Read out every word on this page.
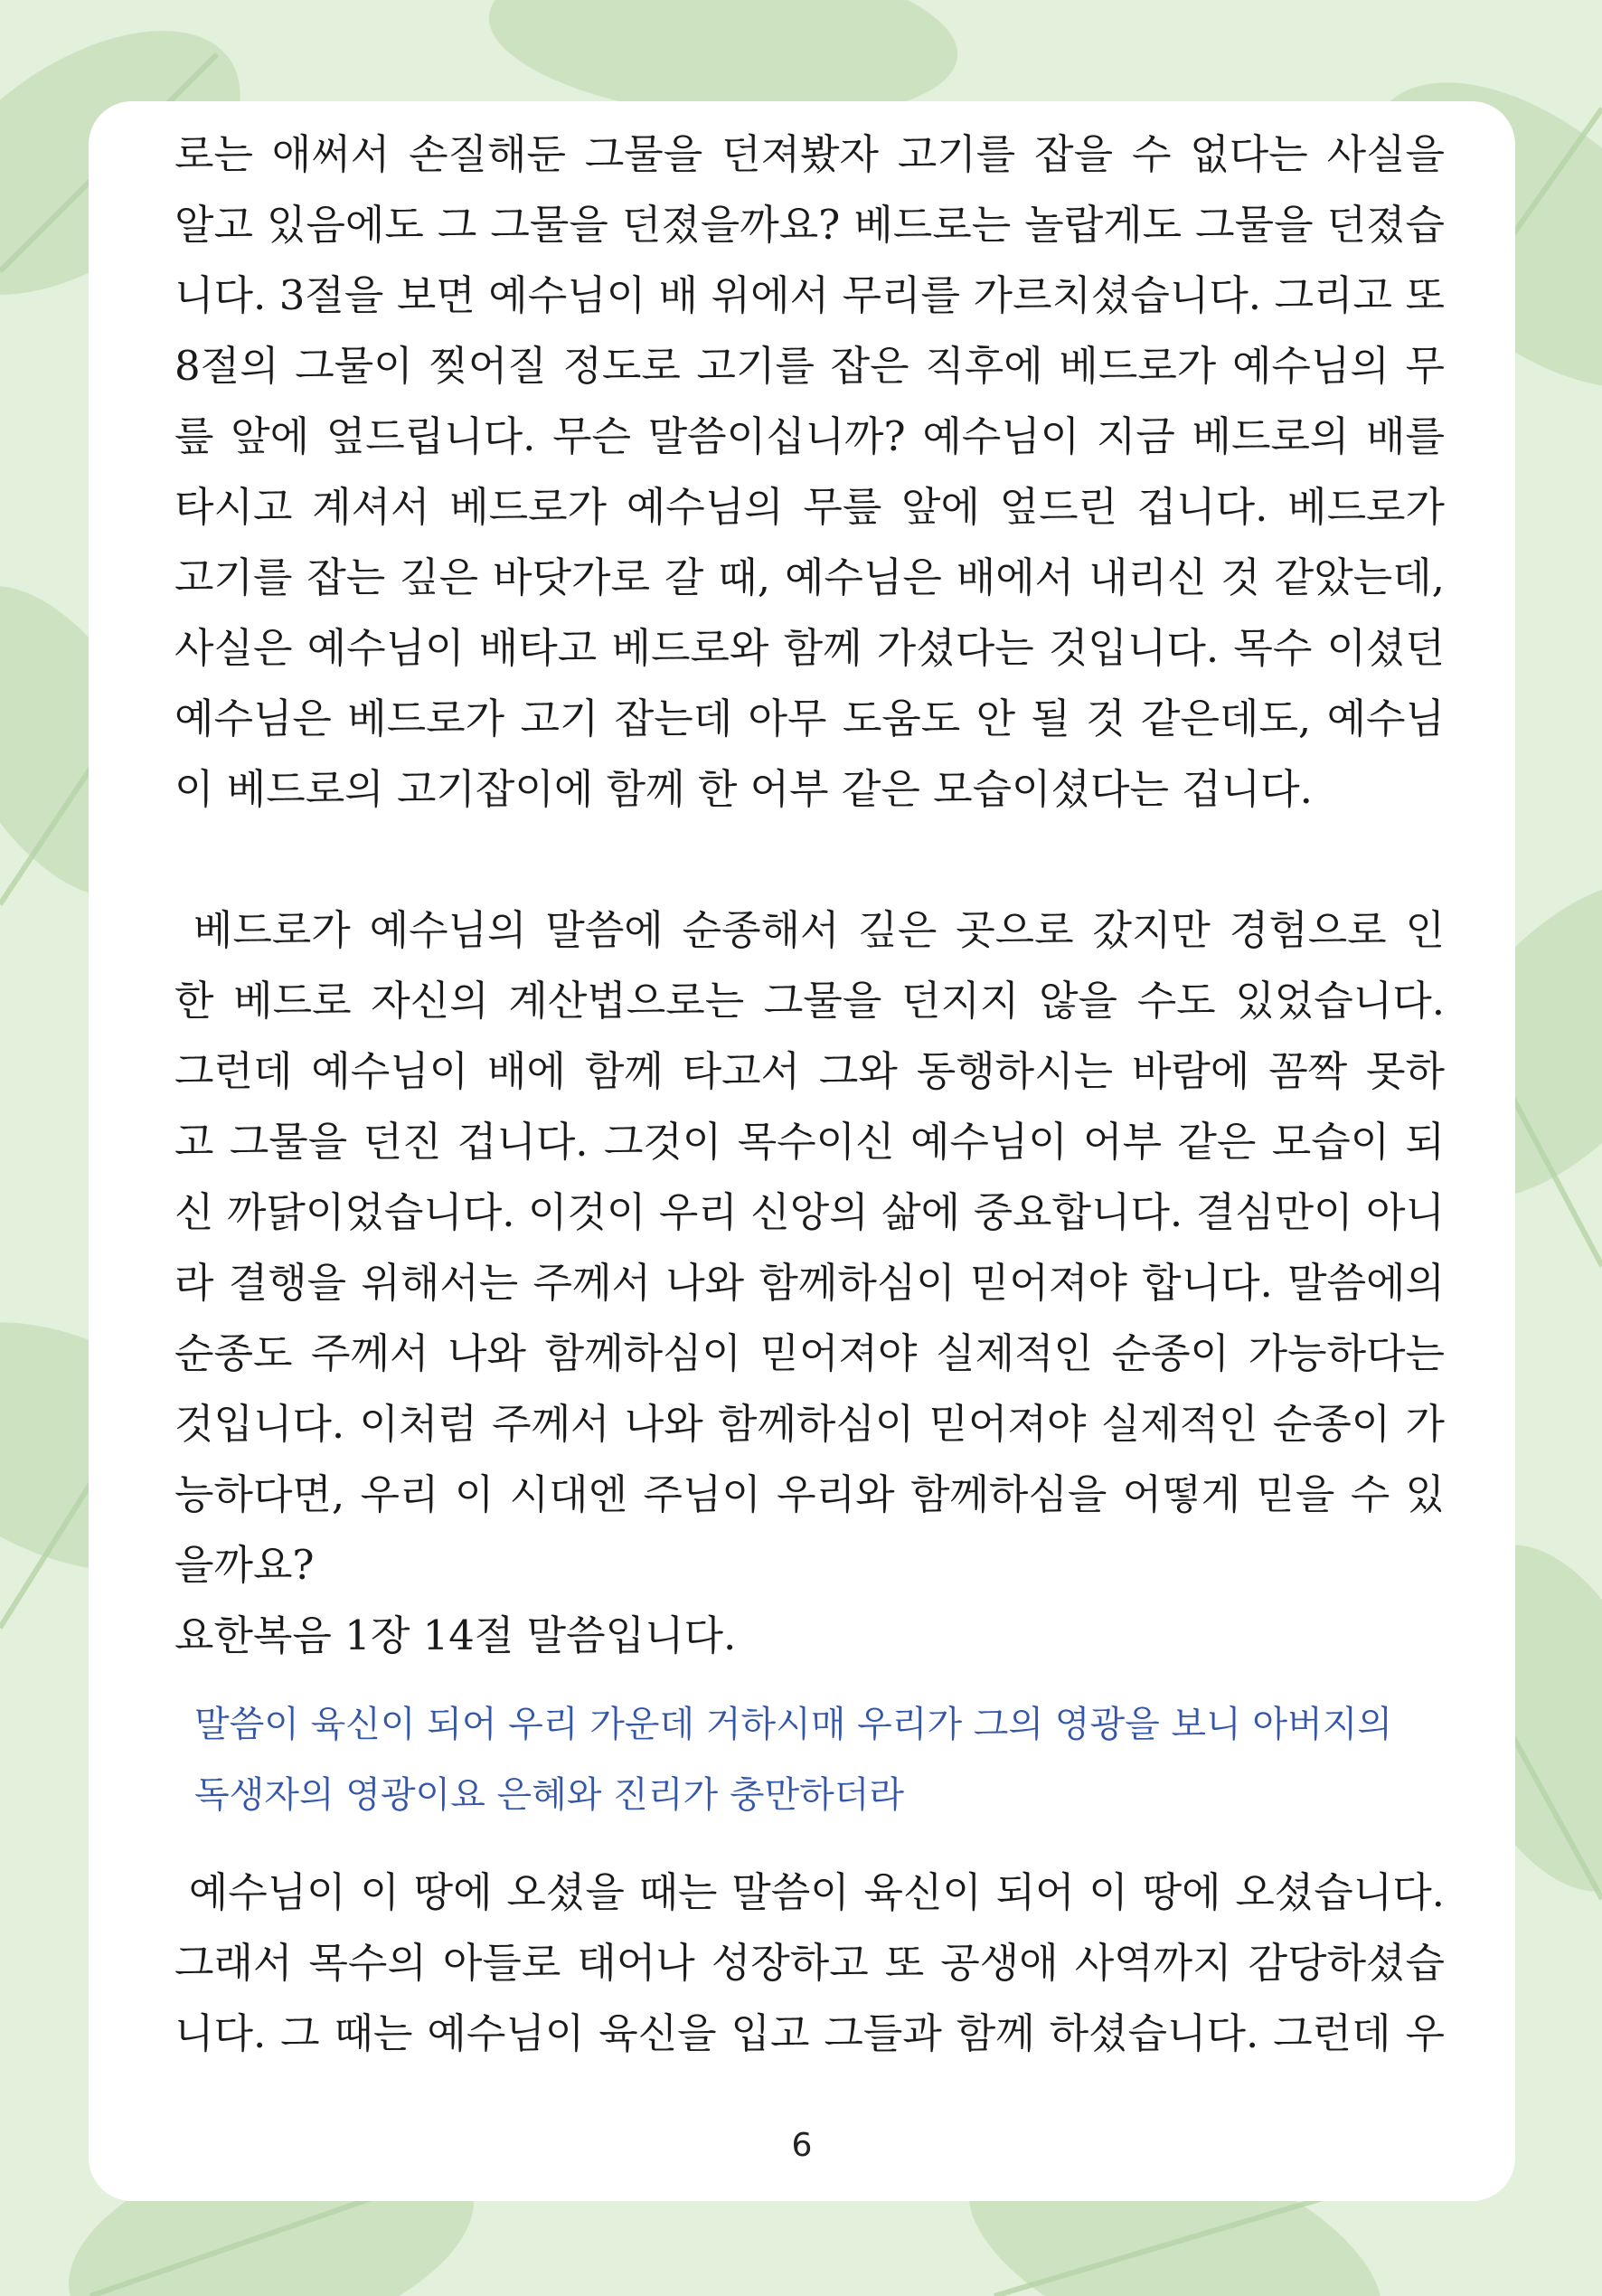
로는 애써서 손질해둔 그물을 던져봤자 고기를 잡을 수 없다는 사실을
알고 있음에도 그 그물을 던졌을까요? 베드로는 놀랍게도 그물을 던졌습
니다. 3절을 보면 예수님이 배 위에서 무리를 가르치셨습니다. 그리고 또
8절의 그물이 찢어질 정도로 고기를 잡은 직후에 베드로가 예수님의 무
릎 앞에 엎드립니다. 무슨 말씀이십니까? 예수님이 지금 베드로의 배를
타시고 계셔서 베드로가 예수님의 무릎 앞에 엎드린 겁니다. 베드로가
고기를 잡는 깊은 바닷가로 갈 때, 예수님은 배에서 내리신 것 같았는데,
사실은 예수님이 배타고 베드로와 함께 가셨다는 것입니다. 목수 이셨던
예수님은 베드로가 고기 잡는데 아무 도움도 안 될 것 같은데도, 예수님
이 베드로의 고기잡이에 함께 한 어부 같은 모습이셨다는 겁니다.
베드로가 예수님의 말씀에 순종해서 깊은 곳으로 갔지만 경험으로 인
한 베드로 자신의 계산법으로는 그물을 던지지 않을 수도 있었습니다.
그런데 예수님이 배에 함께 타고서 그와 동행하시는 바람에 꼼짝 못하
고 그물을 던진 겁니다. 그것이 목수이신 예수님이 어부 같은 모습이 되
신 까닭이었습니다. 이것이 우리 신앙의 삶에 중요합니다. 결심만이 아니
라 결행을 위해서는 주께서 나와 함께하심이 믿어져야 합니다. 말씀에의
순종도 주께서 나와 함께하심이 믿어져야 실제적인 순종이 가능하다는
것입니다. 이처럼 주께서 나와 함께하심이 믿어져야 실제적인 순종이 가
능하다면, 우리 이 시대엔 주님이 우리와 함께하심을 어떻게 믿을 수 있
을까요?

요한복음 1장 14절 말씀입니다.

말씀이 육신이 되어 우리 가운데 거하시매 우리가 그의 영광을 보니 아버지의
독생자의 영광이요 은혜와 진리가 충만하더라
예수님이 이 땅에 오셨을 때는 말씀이 육신이 되어 이 땅에 오셨습니다.
그래서 목수의 아들로 태어나 성장하고 또 공생애 사역까지 감당하셨습
니다. 그 때는 예수님이 육신을 입고 그들과 함께 하셨습니다. 그런데 우
6
